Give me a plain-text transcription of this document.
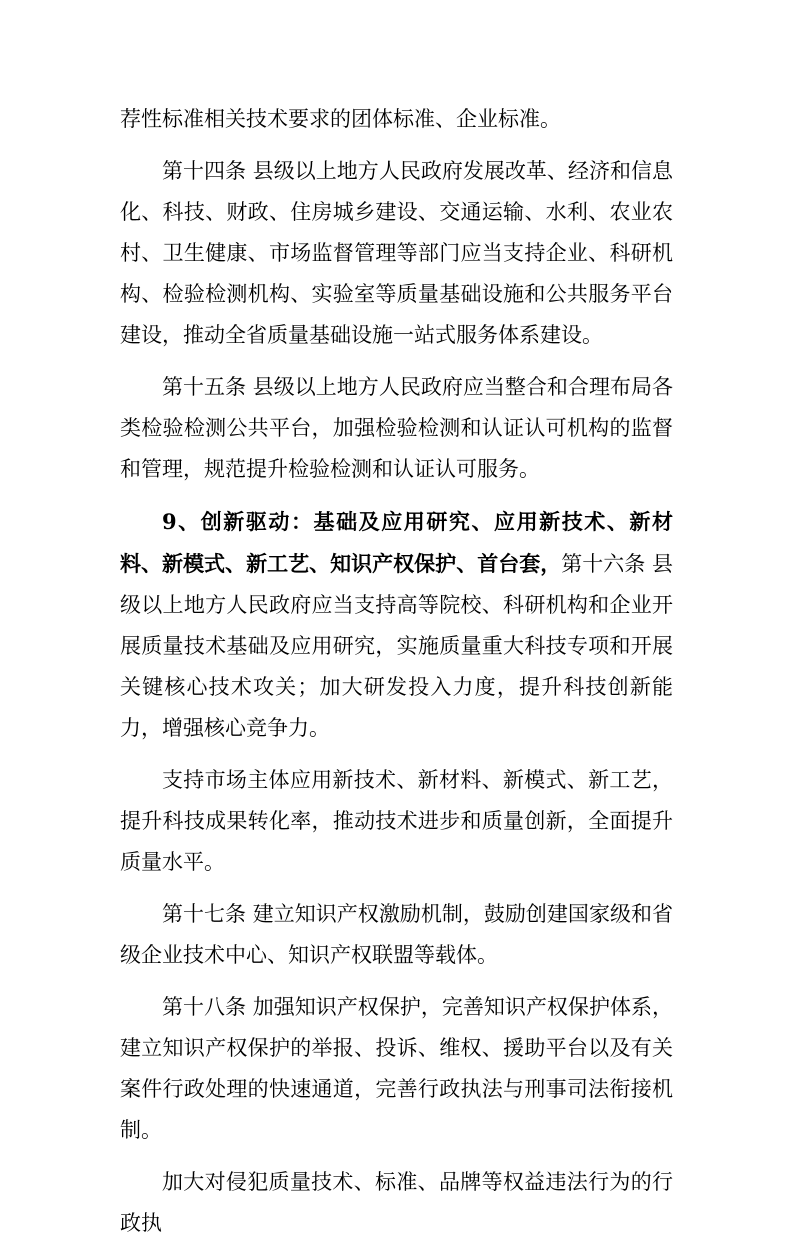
荐性标准相关技术要求的团体标准、企业标准。

第十四条 县级以上地方人民政府发展改革、经济和信息化、科技、财政、住房城乡建设、交通运输、水利、农业农村、卫生健康、市场监督管理等部门应当支持企业、科研机构、检验检测机构、实验室等质量基础设施和公共服务平台建设，推动全省质量基础设施一站式服务体系建设。

第十五条 县级以上地方人民政府应当整合和合理布局各类检验检测公共平台，加强检验检测和认证认可机构的监督和管理，规范提升检验检测和认证认可服务。

9、创新驱动：基础及应用研究、应用新技术、新材料、新模式、新工艺、知识产权保护、首台套，第十六条 县级以上地方人民政府应当支持高等院校、科研机构和企业开展质量技术基础及应用研究，实施质量重大科技专项和开展关键核心技术攻关；加大研发投入力度，提升科技创新能力，增强核心竞争力。

支持市场主体应用新技术、新材料、新模式、新工艺，提升科技成果转化率，推动技术进步和质量创新，全面提升质量水平。

第十七条 建立知识产权激励机制，鼓励创建国家级和省级企业技术中心、知识产权联盟等载体。

第十八条 加强知识产权保护，完善知识产权保护体系，建立知识产权保护的举报、投诉、维权、援助平台以及有关案件行政处理的快速通道，完善行政执法与刑事司法衔接机制。

加大对侵犯质量技术、标准、品牌等权益违法行为的行政执
